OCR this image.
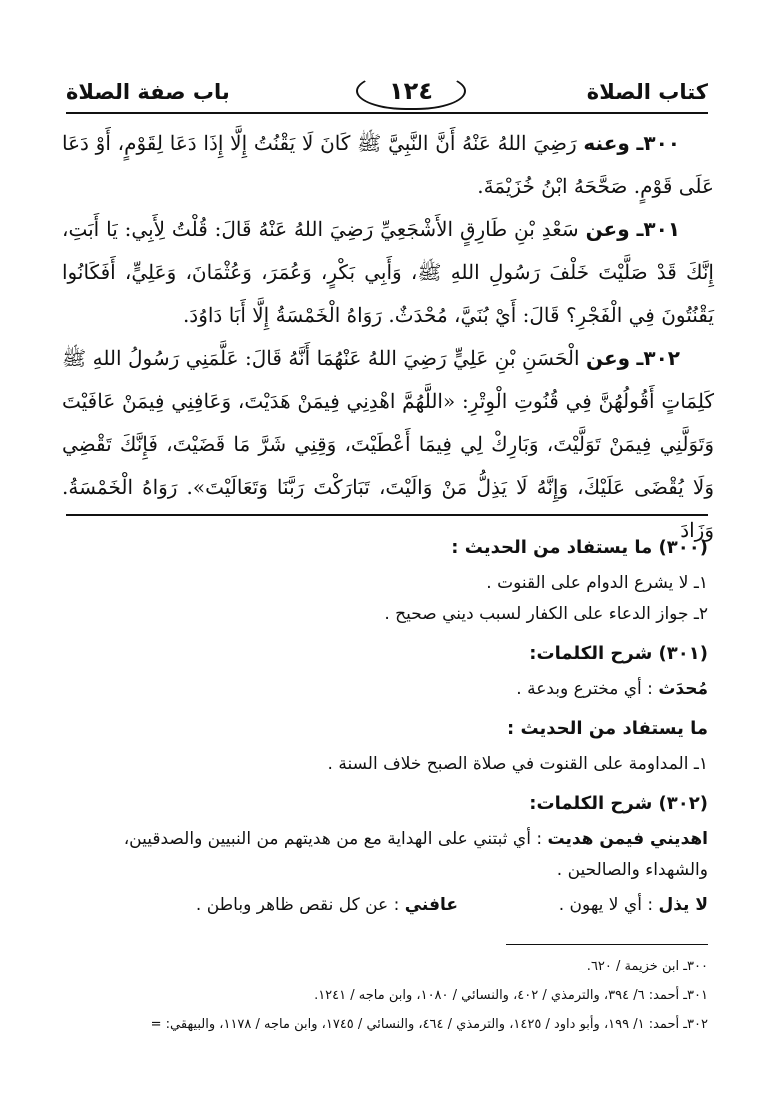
كتاب الصلاة
١٢٤
باب صفة الصلاة

٣٠٠ـ وعنه رَضِيَ اللهُ عَنْهُ أَنَّ النَّبِيَّ ﷺ كَانَ لَا يَقْنُتُ إِلَّا إِذَا دَعَا لِقَوْمٍ، أَوْ دَعَا عَلَى قَوْمٍ. صَحَّحَهُ ابْنُ خُزَيْمَةَ.

٣٠١ـ وعن سَعْدِ بْنِ طَارِقٍ الأَشْجَعِيِّ رَضِيَ اللهُ عَنْهُ قَالَ: قُلْتُ لِأَبِي: يَا أَبَتِ، إِنَّكَ قَدْ صَلَّيْتَ خَلْفَ رَسُولِ اللهِ ﷺ، وَأَبِي بَكْرٍ، وَعُمَرَ، وَعُثْمَانَ، وَعَلِيٍّ، أَفَكَانُوا يَقْنُتُونَ فِي الْفَجْرِ؟ قَالَ: أَيْ بُنَيَّ، مُحْدَثٌ. رَوَاهُ الْخَمْسَةُ إِلَّا أَبَا دَاوُدَ.

٣٠٢ـ وعن الْحَسَنِ بْنِ عَلِيٍّ رَضِيَ اللهُ عَنْهُمَا أَنَّهُ قَالَ: عَلَّمَنِي رَسُولُ اللهِ ﷺ كَلِمَاتٍ أَقُولُهُنَّ فِي قُنُوتِ الْوِتْرِ: «اللَّهُمَّ اهْدِنِي فِيمَنْ هَدَيْتَ، وَعَافِنِي فِيمَنْ عَافَيْتَ وَتَوَلَّنِي فِيمَنْ تَوَلَّيْتَ، وَبَارِكْ لِي فِيمَا أَعْطَيْتَ، وَقِنِي شَرَّ مَا قَضَيْتَ، فَإِنَّكَ تَقْضِي وَلَا يُقْضَى عَلَيْكَ، وَإِنَّهُ لَا يَذِلُّ مَنْ وَالَيْتَ، تَبَارَكْتَ رَبَّنَا وَتَعَالَيْتَ». رَوَاهُ الْخَمْسَةُ. وَزَادَ

(٣٠٠) ما يستفاد من الحديث :

١ـ لا يشرع الدوام على القنوت .

٢ـ جواز الدعاء على الكفار لسبب ديني صحيح .

(٣٠١) شرح الكلمات:

مُحدَث : أي مخترع وبدعة .

ما يستفاد من الحديث :

١ـ المداومة على القنوت في صلاة الصبح خلاف السنة .

(٣٠٢) شرح الكلمات:

اهديني فيمن هديت : أي ثبتني على الهداية مع من هديتهم من النبيين والصدقيين، والشهداء والصالحين .

لا يذل : أي لا يهون .
عافني : عن كل نقص ظاهر وباطن .

٣٠٠ـ ابن خزيمة / ٦٢٠.

٣٠١ـ أحمد: ٦/ ٣٩٤، والترمذي / ٤٠٢، والنسائي / ١٠٨٠، وابن ماجه / ١٢٤١.

٣٠٢ـ أحمد: ١/ ١٩٩، وأبو داود / ١٤٢٥، والترمذي / ٤٦٤، والنسائي / ١٧٤٥، وابن ماجه / ١١٧٨، والبيهقي: =
